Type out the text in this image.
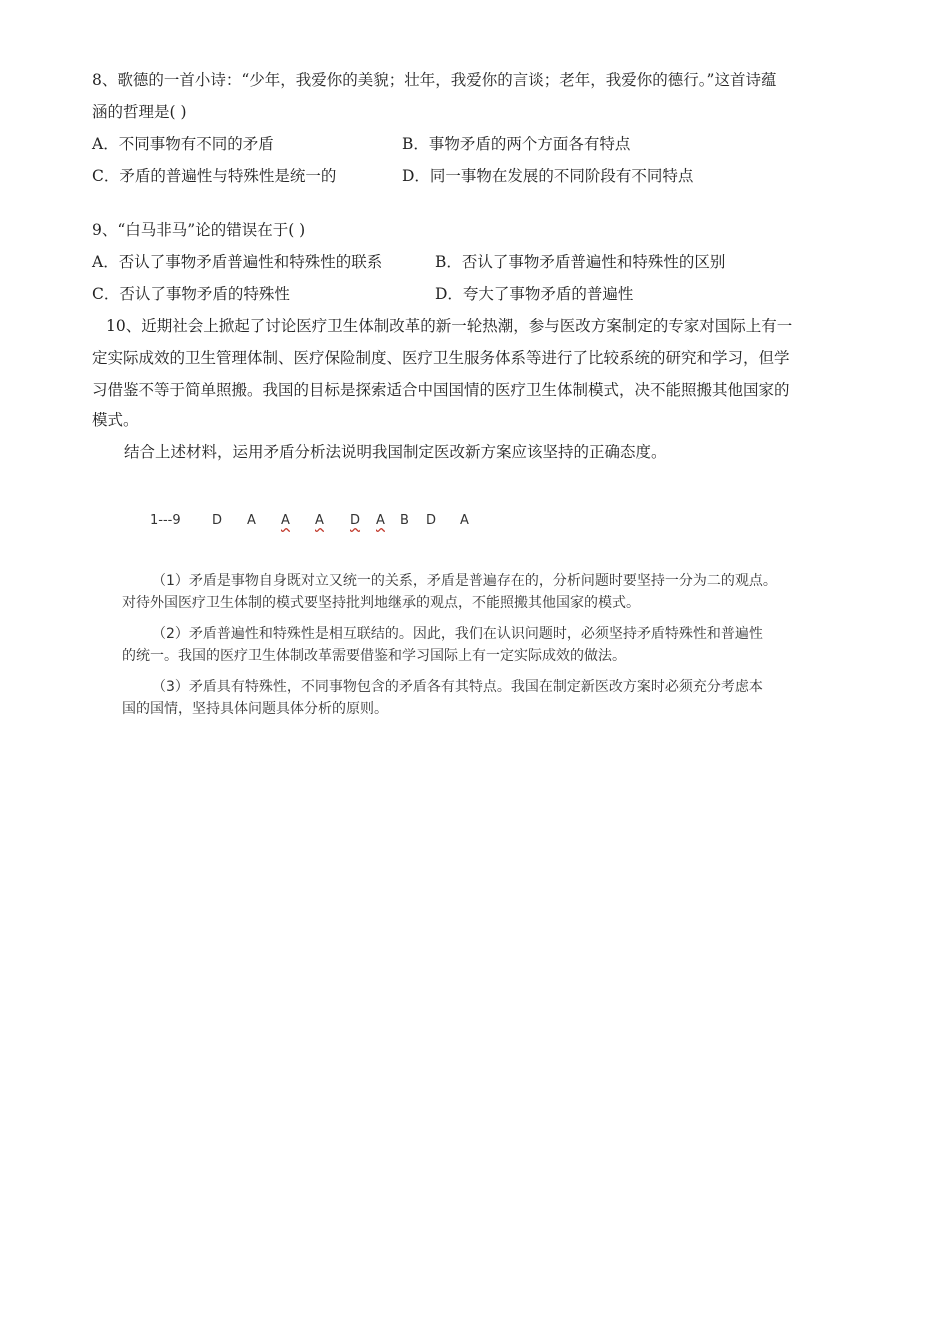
8、歌德的一首小诗：“少年，我爱你的美貌；壮年，我爱你的言谈；老年，我爱你的德行。”这首诗蕴
涵的哲理是( )
A．不同事物有不同的矛盾	B．事物矛盾的两个方面各有特点
C．矛盾的普遍性与特殊性是统一的	D．同一事物在发展的不同阶段有不同特点
9、“白马非马”论的错误在于( )
A．否认了事物矛盾普遍性和特殊性的联系	B．否认了事物矛盾普遍性和特殊性的区别
C．否认了事物矛盾的特殊性	D．夸大了事物矛盾的普遍性
10、近期社会上掀起了讨论医疗卫生体制改革的新一轮热潮，参与医改方案制定的专家对国际上有一
定实际成效的卫生管理体制、医疗保险制度、医疗卫生服务体系等进行了比较系统的研究和学习，但学
习借鉴不等于简单照搬。我国的目标是探索适合中国国情的医疗卫生体制模式，决不能照搬其他国家的
模式。
结合上述材料，运用矛盾分析法说明我国制定医改新方案应该坚持的正确态度。
1---9 D A A A D A B D A
（1）矛盾是事物自身既对立又统一的关系，矛盾是普遍存在的，分析问题时要坚持一分为二的观点。
对待外国医疗卫生体制的模式要坚持批判地继承的观点，不能照搬其他国家的模式。
（2）矛盾普遍性和特殊性是相互联结的。因此，我们在认识问题时，必须坚持矛盾特殊性和普遍性
的统一。我国的医疗卫生体制改革需要借鉴和学习国际上有一定实际成效的做法。
（3）矛盾具有特殊性，不同事物包含的矛盾各有其特点。我国在制定新医改方案时必须充分考虑本
国的国情，坚持具体问题具体分析的原则。
